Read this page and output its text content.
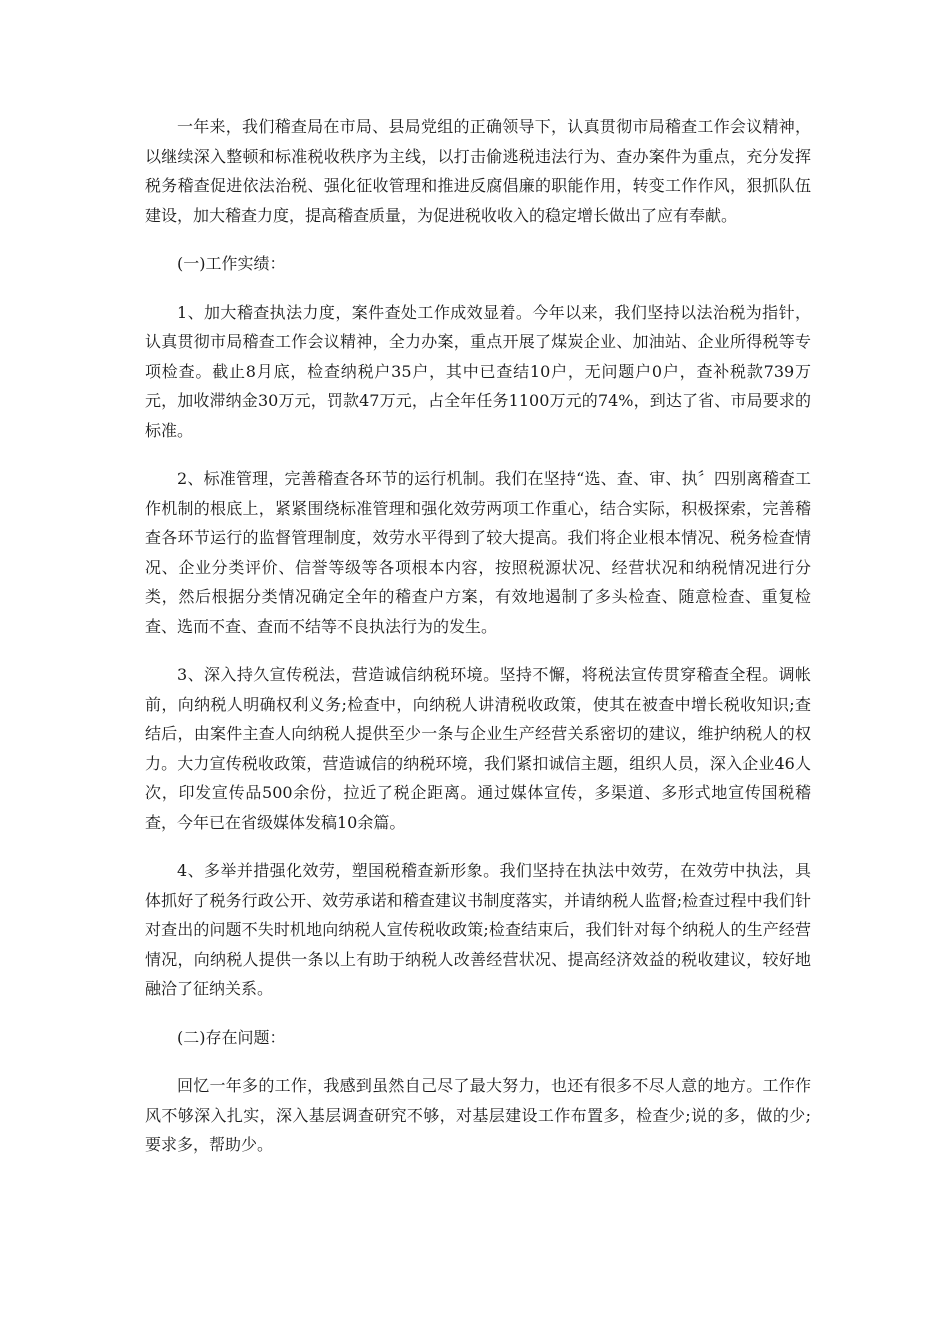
一年来，我们稽查局在市局、县局党组的正确领导下，认真贯彻市局稽查工作会议精神，以继续深入整顿和标准税收秩序为主线，以打击偷逃税违法行为、查办案件为重点，充分发挥税务稽查促进依法治税、强化征收管理和推进反腐倡廉的职能作用，转变工作作风，狠抓队伍建设，加大稽查力度，提高稽查质量，为促进税收收入的稳定增长做出了应有奉献。

(一)工作实绩：

1、加大稽查执法力度，案件查处工作成效显着。今年以来，我们坚持以法治税为指针，认真贯彻市局稽查工作会议精神，全力办案，重点开展了煤炭企业、加油站、企业所得税等专项检查。截止8月底，检查纳税户35户，其中已查结10户，无问题户0户，查补税款739万元，加收滞纳金30万元，罚款47万元，占全年任务1100万元的74%，到达了省、市局要求的标准。

2、标准管理，完善稽查各环节的运行机制。我们在坚持“选、查、审、执〞四别离稽查工作机制的根底上，紧紧围绕标准管理和强化效劳两项工作重心，结合实际，积极探索，完善稽查各环节运行的监督管理制度，效劳水平得到了较大提高。我们将企业根本情况、税务检查情况、企业分类评价、信誉等级等各项根本内容，按照税源状况、经营状况和纳税情况进行分类，然后根据分类情况确定全年的稽查户方案，有效地遏制了多头检查、随意检查、重复检查、选而不查、查而不结等不良执法行为的发生。

3、深入持久宣传税法，营造诚信纳税环境。坚持不懈，将税法宣传贯穿稽查全程。调帐前，向纳税人明确权利义务;检查中，向纳税人讲清税收政策，使其在被查中增长税收知识;查结后，由案件主查人向纳税人提供至少一条与企业生产经营关系密切的建议，维护纳税人的权力。大力宣传税收政策，营造诚信的纳税环境，我们紧扣诚信主题，组织人员，深入企业46人次，印发宣传品500余份，拉近了税企距离。通过媒体宣传，多渠道、多形式地宣传国税稽查，今年已在省级媒体发稿10余篇。

4、多举并措强化效劳，塑国税稽查新形象。我们坚持在执法中效劳，在效劳中执法，具体抓好了税务行政公开、效劳承诺和稽查建议书制度落实，并请纳税人监督;检查过程中我们针对查出的问题不失时机地向纳税人宣传税收政策;检查结束后，我们针对每个纳税人的生产经营情况，向纳税人提供一条以上有助于纳税人改善经营状况、提高经济效益的税收建议，较好地融洽了征纳关系。

(二)存在问题：

回忆一年多的工作，我感到虽然自己尽了最大努力，也还有很多不尽人意的地方。工作作风不够深入扎实，深入基层调查研究不够，对基层建设工作布置多，检查少;说的多，做的少;要求多，帮助少。
